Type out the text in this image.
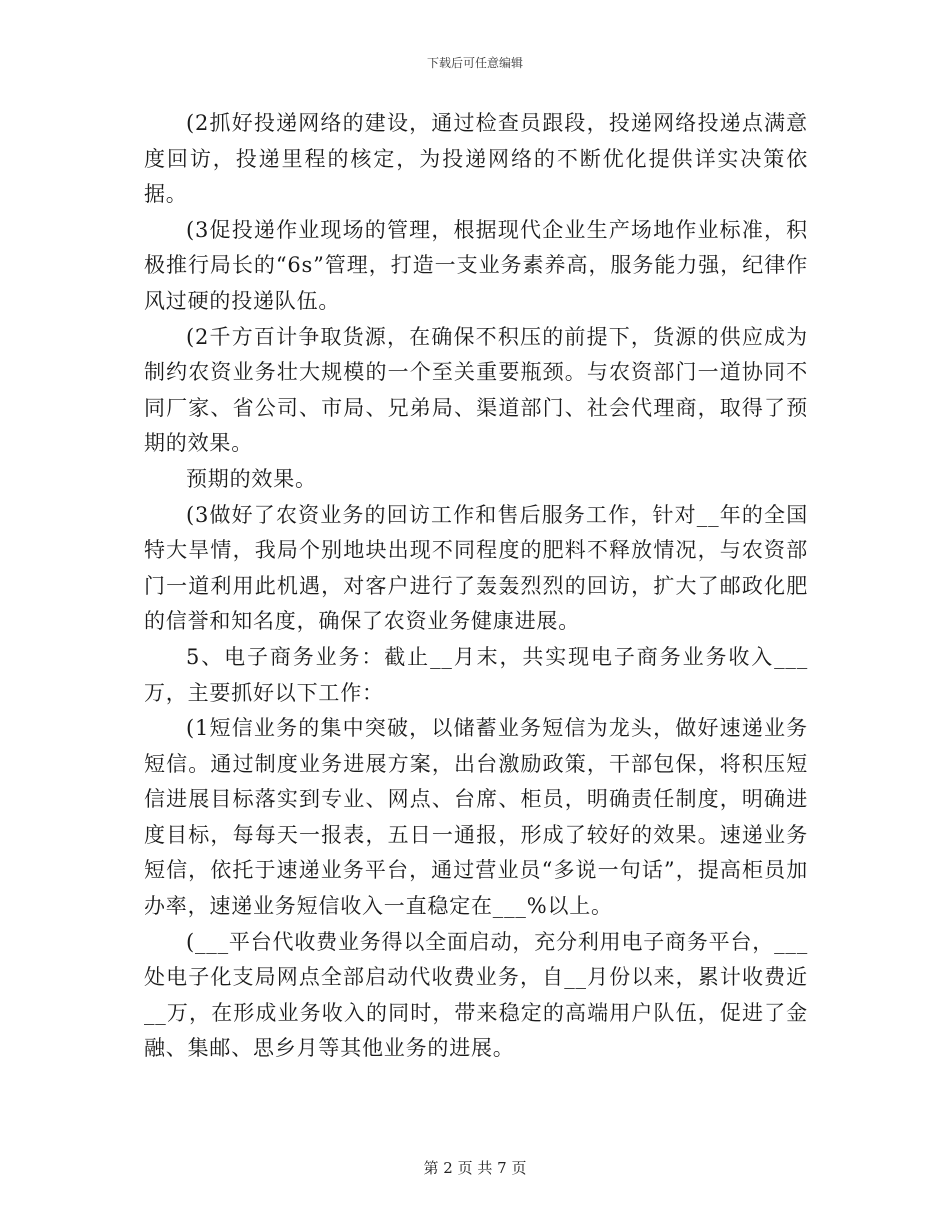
下载后可任意编辑

(2抓好投递网络的建设，通过检查员跟段，投递网络投递点满意度回访，投递里程的核定，为投递网络的不断优化提供详实决策依据。

(3促投递作业现场的管理，根据现代企业生产场地作业标准，积极推行局长的“6s”管理，打造一支业务素养高，服务能力强，纪律作风过硬的投递队伍。

(2千方百计争取货源，在确保不积压的前提下，货源的供应成为制约农资业务壮大规模的一个至关重要瓶颈。与农资部门一道协同不同厂家、省公司、市局、兄弟局、渠道部门、社会代理商，取得了预期的效果。

预期的效果。

(3做好了农资业务的回访工作和售后服务工作，针对__年的全国特大旱情，我局个别地块出现不同程度的肥料不释放情况，与农资部门一道利用此机遇，对客户进行了轰轰烈烈的回访，扩大了邮政化肥的信誉和知名度，确保了农资业务健康进展。

5、电子商务业务：截止__月末，共实现电子商务业务收入___万，主要抓好以下工作：

(1短信业务的集中突破，以储蓄业务短信为龙头，做好速递业务短信。通过制度业务进展方案，出台激励政策，干部包保，将积压短信进展目标落实到专业、网点、台席、柜员，明确责任制度，明确进度目标，每每天一报表，五日一通报，形成了较好的效果。速递业务短信，依托于速递业务平台，通过营业员“多说一句话”，提高柜员加办率，速递业务短信收入一直稳定在___%以上。

(___平台代收费业务得以全面启动，充分利用电子商务平台，___处电子化支局网点全部启动代收费业务，自__月份以来，累计收费近__万，在形成业务收入的同时，带来稳定的高端用户队伍，促进了金融、集邮、思乡月等其他业务的进展。

第 2 页 共 7 页
